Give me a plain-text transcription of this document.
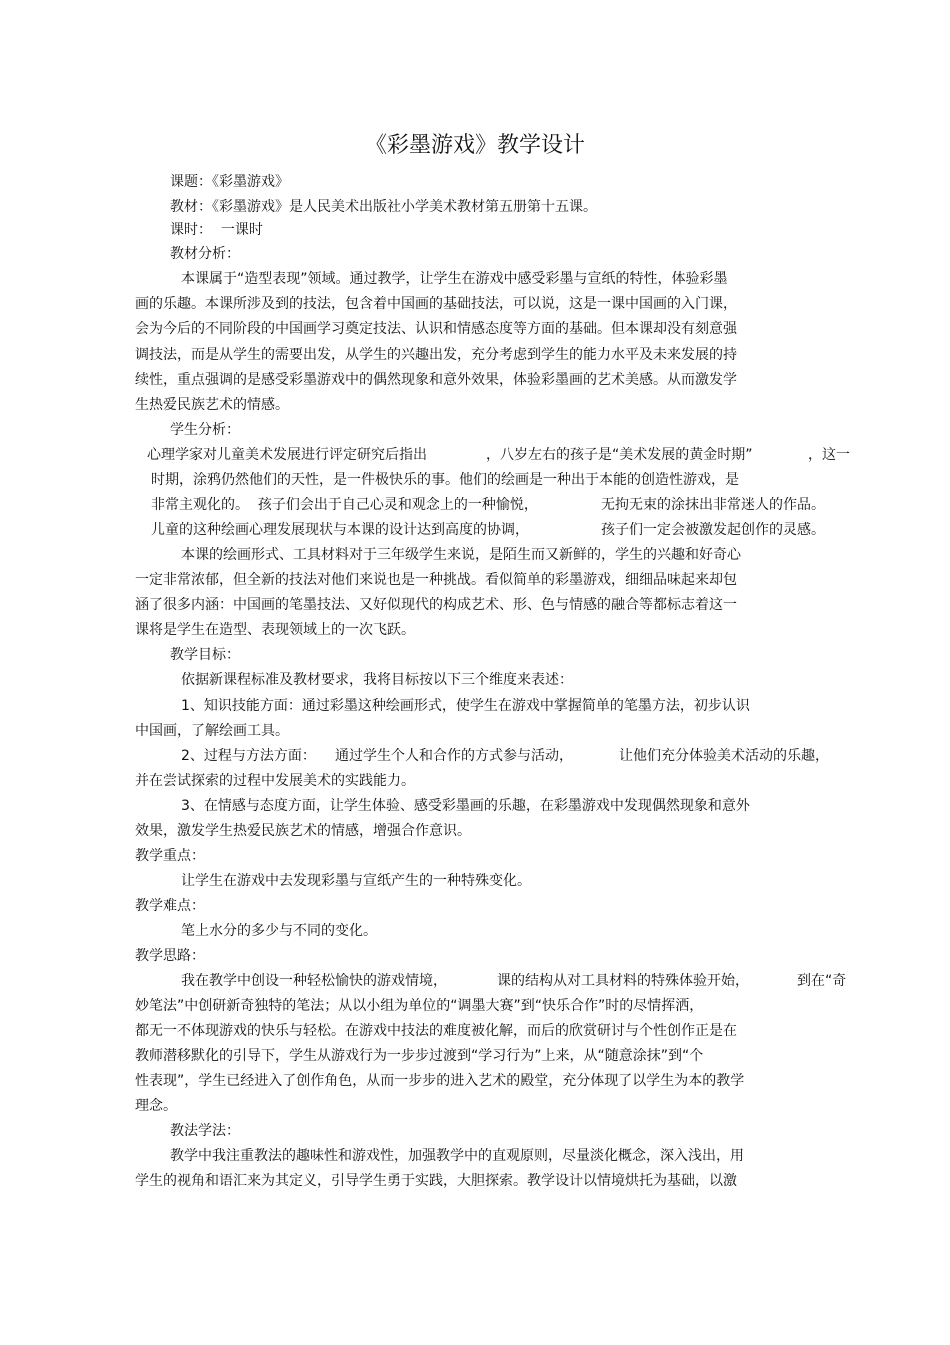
《彩墨游戏》教学设计
课题：《彩墨游戏》
教材：《彩墨游戏》是人民美术出版社小学美术教材第五册第十五课。
课时：  一课时
教材分析：
本课属于“造型表现”领域。通过教学，让学生在游戏中感受彩墨与宣纸的特性，体验彩墨
画的乐趣。本课所涉及到的技法，包含着中国画的基础技法，可以说，这是一课中国画的入门课，
会为今后的不同阶段的中国画学习奠定技法、认识和情感态度等方面的基础。但本课却没有刻意强
调技法，而是从学生的需要出发，从学生的兴趣出发，充分考虑到学生的能力水平及未来发展的持
续性，重点强调的是感受彩墨游戏中的偶然现象和意外效果，体验彩墨画的艺术美感。从而激发学
生热爱民族艺术的情感。
学生分析：
心理学家对儿童美术发展进行评定研究后指出	，八岁左右的孩子是“美术发展的黄金时期”	，这一
时期，涂鸦仍然他们的天性，是一件极快乐的事。他们的绘画是一种出于本能的创造性游戏，是
非常主观化的。  孩子们会出于自己心灵和观念上的一种愉悦，	无拘无束的涂抹出非常迷人的作品。
儿童的这种绘画心理发展现状与本课的设计达到高度的协调，	孩子们一定会被激发起创作的灵感。
本课的绘画形式、工具材料对于三年级学生来说，是陌生而又新鲜的，学生的兴趣和好奇心
一定非常浓郁，但全新的技法对他们来说也是一种挑战。看似简单的彩墨游戏，细细品味起来却包
涵了很多内涵：中国画的笔墨技法、又好似现代的构成艺术、形、色与情感的融合等都标志着这一
课将是学生在造型、表现领域上的一次飞跃。
教学目标：
依据新课程标准及教材要求，我将目标按以下三个维度来表述：
1、知识技能方面：通过彩墨这种绘画形式，使学生在游戏中掌握简单的笔墨方法，初步认识
中国画，了解绘画工具。
2、过程与方法方面： 通过学生个人和合作的方式参与活动，	让他们充分体验美术活动的乐趣，
并在尝试探索的过程中发展美术的实践能力。
3、在情感与态度方面，让学生体验、感受彩墨画的乐趣，在彩墨游戏中发现偶然现象和意外
效果，激发学生热爱民族艺术的情感，增强合作意识。
教学重点：
让学生在游戏中去发现彩墨与宣纸产生的一种特殊变化。
教学难点：
笔上水分的多少与不同的变化。
教学思路：
我在教学中创设一种轻松愉快的游戏情境，	课的结构从对工具材料的特殊体验开始，	到在“奇
妙笔法”中创研新奇独特的笔法；从以小组为单位的“调墨大赛”到“快乐合作”时的尽情挥洒，
都无一不体现游戏的快乐与轻松。在游戏中技法的难度被化解，而后的欣赏研讨与个性创作正是在
教师潜移默化的引导下，学生从游戏行为一步步过渡到“学习行为”上来，从“随意涂抹”到“个
性表现”，学生已经进入了创作角色，从而一步步的进入艺术的殿堂，充分体现了以学生为本的教学
理念。
教法学法：
教学中我注重教法的趣味性和游戏性，加强教学中的直观原则，尽量淡化概念，深入浅出，用
学生的视角和语汇来为其定义，引导学生勇于实践，大胆探索。教学设计以情境烘托为基础，以激
